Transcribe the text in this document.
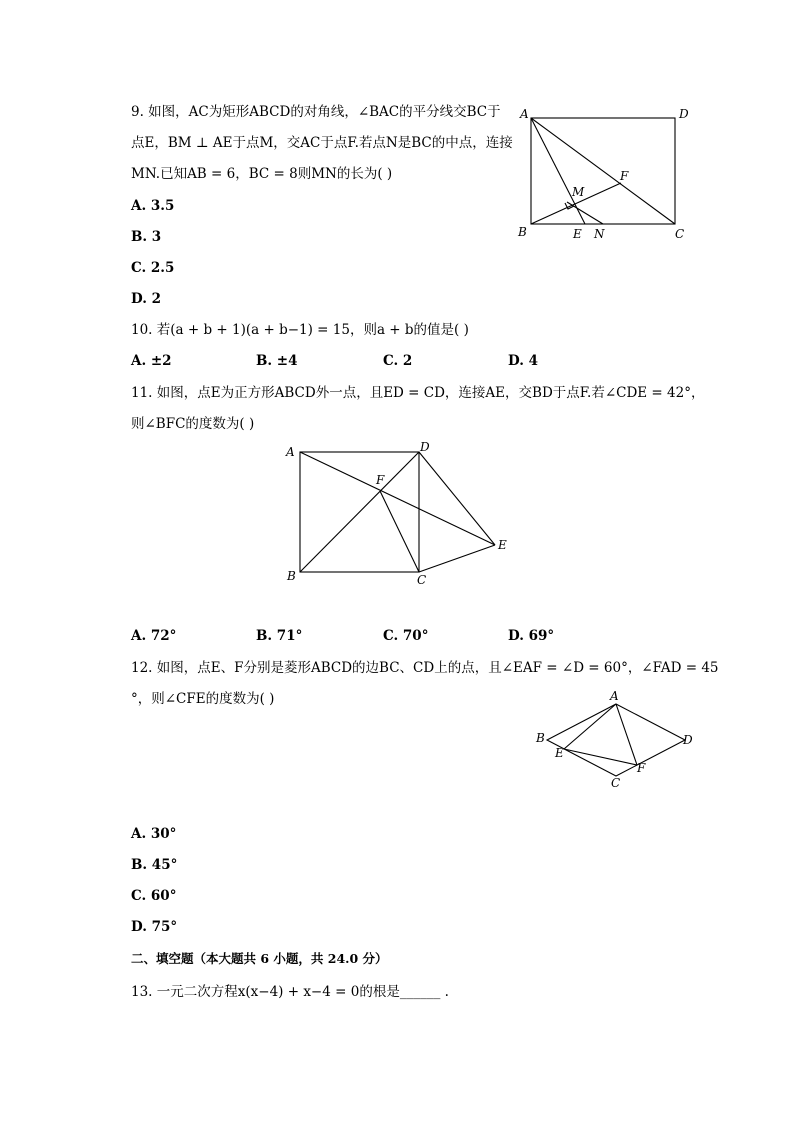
9. 如图，AC为矩形ABCD的对角线，∠BAC的平分线交BC于
点E，BM ⊥ AE于点M，交AC于点F.若点N是BC的中点，连接
MN.已知AB = 6，BC = 8则MN的长为( )
A. 3.5
B. 3
C. 2.5
D. 2
A	D
F
M
B	E N	C
10. 若(a + b + 1)(a + b−1) = 15，则a + b的值是( )
A. ±2	B. ±4	C. 2	D. 4
11. 如图，点E为正方形ABCD外一点，且ED = CD，连接AE，交BD于点F.若∠CDE = 42°，
则∠BFC的度数为( )
A	D
F
E
B	C
A. 72°	B. 71°	C. 70°	D. 69°
12. 如图，点E、F分别是菱形ABCD的边BC、CD上的点，且∠EAF = ∠D = 60°，∠FAD = 45
°，则∠CFE的度数为( )	A
B
E
D
F
C
A. 30°
B. 45°
C. 60°
D. 75°
二、填空题（本大题共 6 小题，共 24.0 分）
13. 一元二次方程x(x−4) + x−4 = 0的根是______ .
